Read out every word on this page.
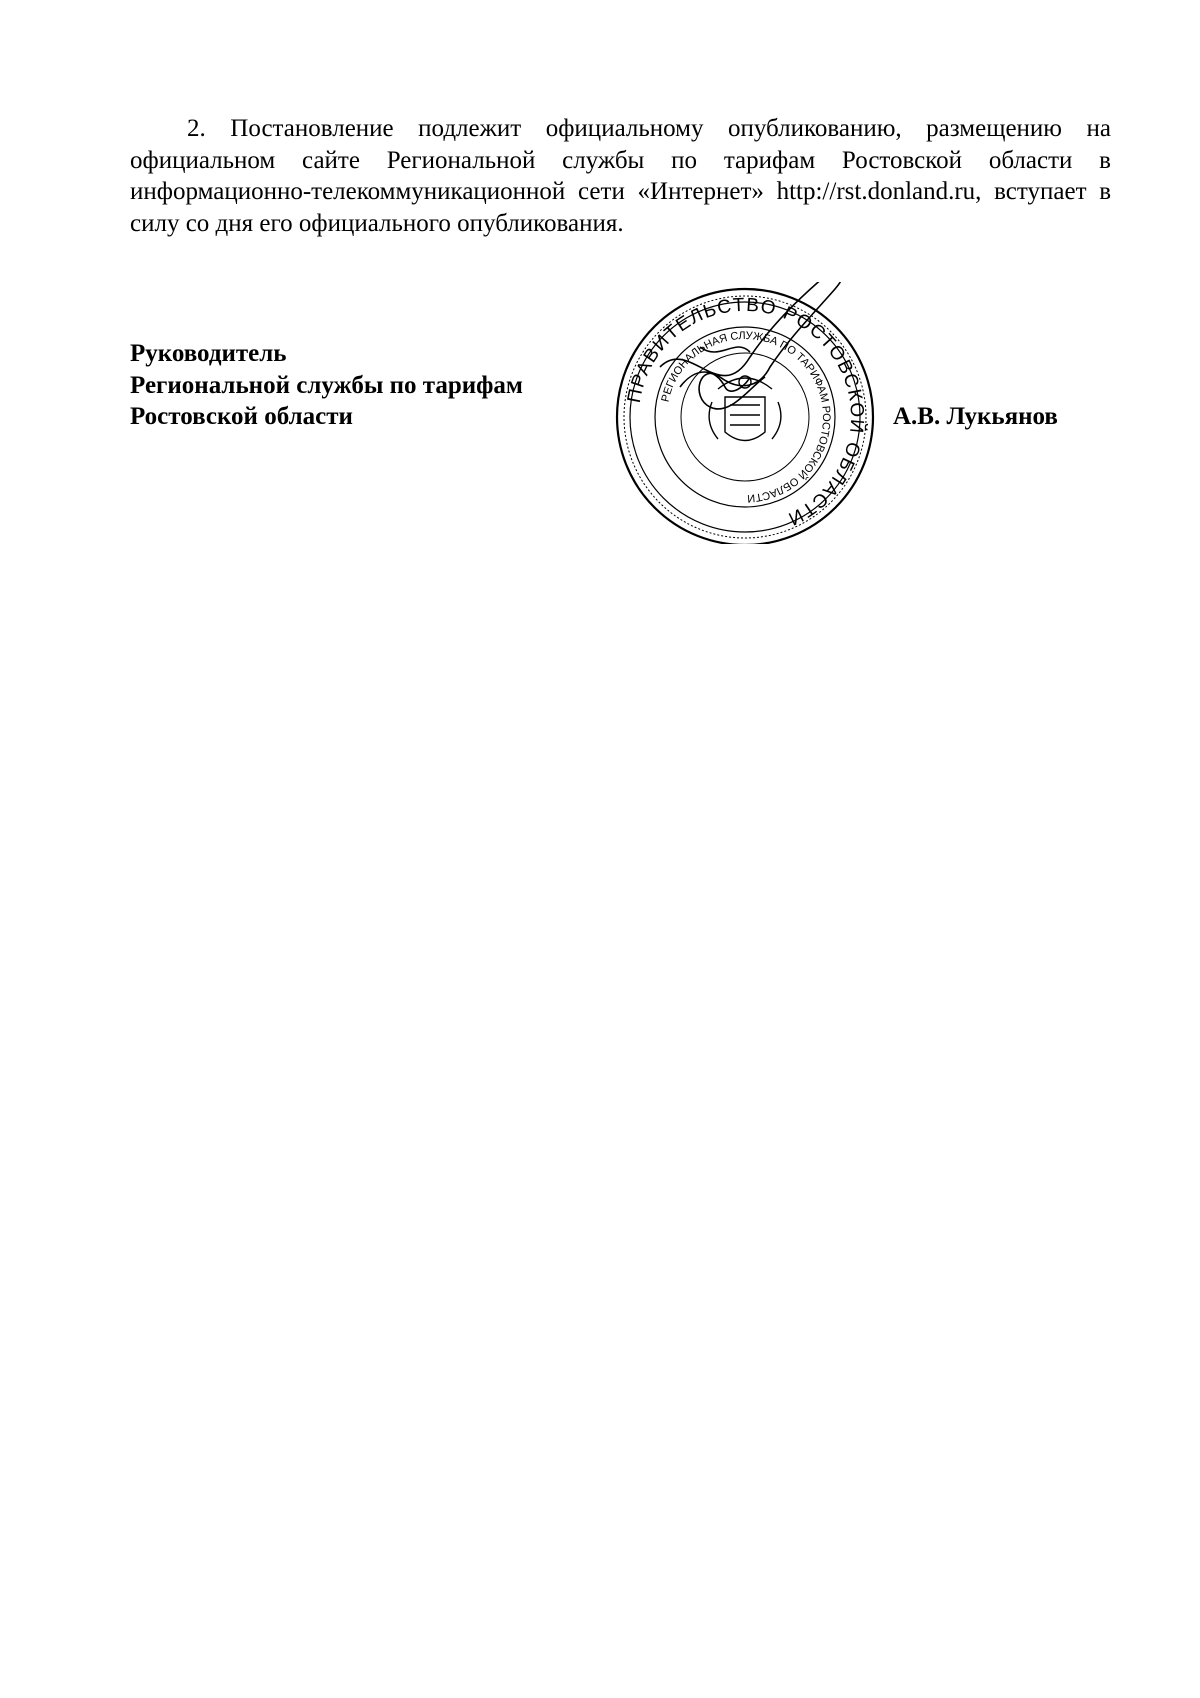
2. Постановление подлежит официальному опубликованию, размещению на официальном сайте Региональной службы по тарифам Ростовской области в информационно-телекоммуникационной сети «Интернет» http://rst.donland.ru, вступает в силу со дня его официального опубликования.

Руководитель
Региональной службы по тарифам
Ростовской области	А.В. Лукьянов
ПРАВИТЕЛЬСТВО РОСТОВСКОЙ ОБЛАСТИ
РЕГИОНАЛЬНАЯ СЛУЖБА ПО ТАРИФАМ РОСТОВСКОЙ ОБЛАСТИ
